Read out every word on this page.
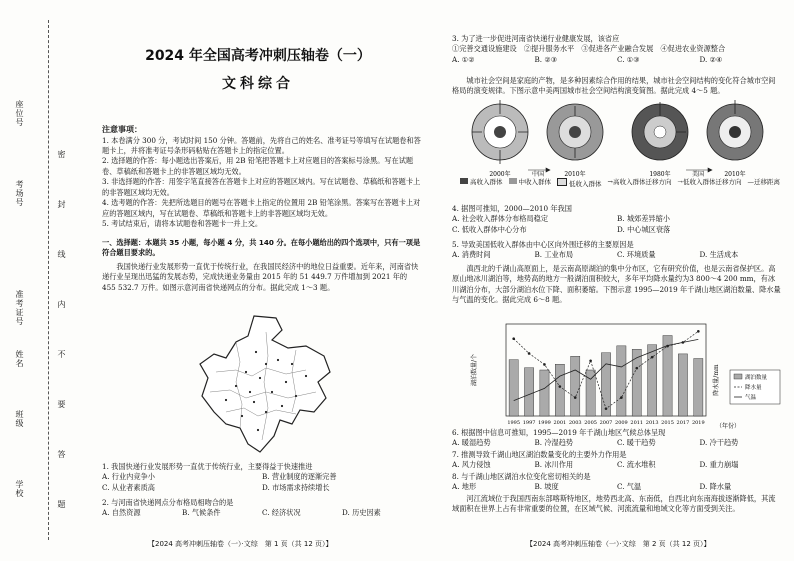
学校
班级
姓名
准考证号
考场号
座位号
密
封
线
内
不
要
答
题
2024 年全国高考冲刺压轴卷（一）
文科综合
注意事项：

1. 本卷满分 300 分，考试时间 150 分钟。答题前，先将自己的姓名、准考证号等填写在试题卷和答题卡上，并将准考证号条形码粘贴在答题卡上的指定位置。

2. 选择题的作答：每小题选出答案后，用 2B 铅笔把答题卡上对应题目的答案标号涂黑。写在试题卷、草稿纸和答题卡上的非答题区域均无效。

3. 非选择题的作答：用签字笔直接答在答题卡上对应的答题区域内。写在试题卷、草稿纸和答题卡上的非答题区域均无效。

4. 选考题的作答：先把所选题目的题号在答题卡上指定的位置用 2B 铅笔涂黑。答案写在答题卡上对应的答题区域内，写在试题卷、草稿纸和答题卡上的非答题区域均无效。

5. 考试结束后，请将本试题卷和答题卡一并上交。

一、选择题：本题共 35 小题，每小题 4 分，共 140 分。在每小题给出的四个选项中，只有一项是符合题目要求的。
我国快递行业发展形势一直优于传统行业，在我国民经济中的地位日益重要。近年来，河南省快递行业呈现出迅猛的发展态势，完成快递业务量由 2015 年的 51 449.7 万件增加到 2021 年的 455 532.7 万件。如图示意河南省快递网点的分布。据此完成 1～3 题。
1. 我国快递行业发展形势一直优于传统行业，主要得益于快速推进
A. 行业内竞争小	B. 营业制度的逐渐完善
C. 从业者素质高	D. 市场需求持续增长
2. 与河南省快递网点分布格局相吻合的是
A. 自然资源	B. 气候条件	C. 经济状况	D. 历史因素
【2024 高考冲刺压轴卷（一）·文综　第 1 页（共 12 页）】
3. 为了进一步促进河南省快递行业健康发展，该省应
①完善交通设施建设　②提升服务水平　③促进各产业融合发展　④促进农业资源整合
A. ①②	B. ②③	C. ①③	D. ②④
城市社会空间是家庭的产物，是多种因素综合作用的结果，城市社会空间结构的变化符合城市空间格局的演变规律。下图示意中美两国城市社会空间结构演变简图。据此完成 4～5 题。
2000年	中国	2010年	1980年	美国	2010年
高收入群体	中收入群体	低收入群体 →高收入群体迁移方向 ⇢低收入群体迁移方向 —迁移距离
4. 据图可推知，2000—2010 年我国
A. 社会收入群体分布格局稳定	B. 城郊差异缩小
C. 低收入群体中心分布	D. 中心城区衰落
5. 导致美国低收入群体由中心区向外围迁移的主要原因是
A. 消费时间	B. 工业布局	C. 环境质量	D. 生活成本
滇西北的千湖山高原面上，是云南高原湖泊的集中分布区，它有研究价值，也是云南省保护区。高原山地冰川湖泊等，地势高的地方一般湖泊面积较大，多年平均降水量约为3 800～4 200 mm，有冰川湖泊分布，大部分湖泊水位下降、面积萎缩。下图示意 1995—2019 年千湖山地区湖泊数量、降水量与气温的变化。据此完成 6～8 题。
湖泊数量/个	降水量/mm
（年份）
1995 1997 1999 2001 2003 2005 2007 2009 2011 2013 2015 2017 2019
湖泊数量
降水量
气温
6. 根据图中信息可推知，1995—2019 年千湖山地区气候总体呈现
A. 暖湿趋势	B. 冷湿趋势	C. 暖干趋势	D. 冷干趋势
7. 推测导致千湖山地区湖泊数量变化的主要外力作用是
A. 风力侵蚀	B. 冰川作用	C. 流水堆积	D. 重力崩塌
8. 与千湖山地区湖泊水位变化密切相关的是
A. 地形	B. 坡度	C. 气温	D. 降水量
河江流域位于我国西南东部喀斯特地区，地势西北高、东南低，自西北向东南海拔逐渐降低，其流域面积在世界上占有非常重要的位置，在区域气候、河流流量和地域文化等方面受到关注。
【2024 高考冲刺压轴卷（一）·文综　第 2 页（共 12 页）】
